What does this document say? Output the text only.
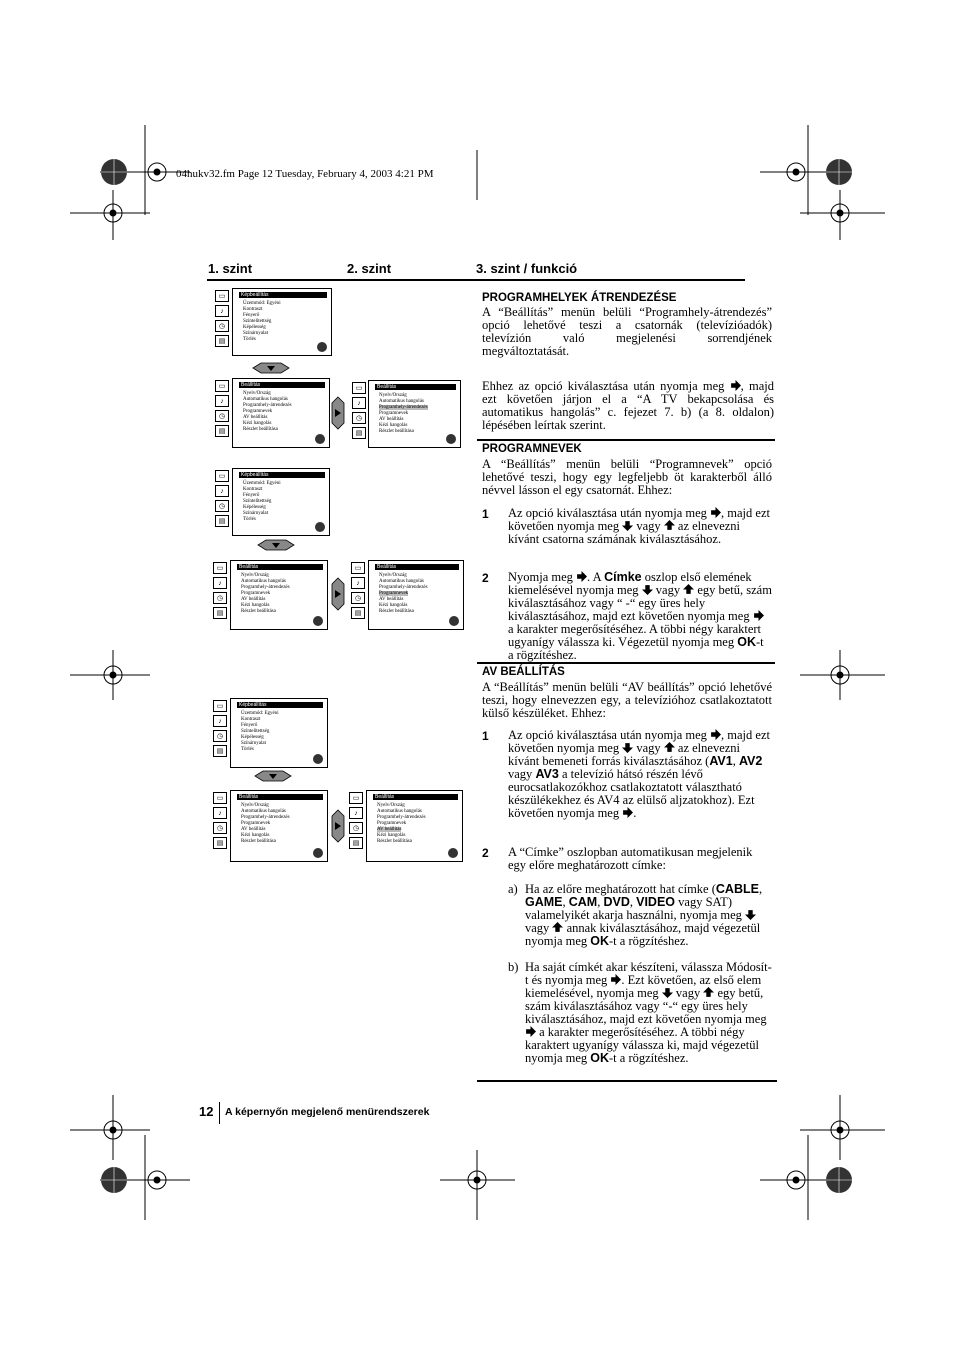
04hukv32.fm Page 12 Tuesday, February 4, 2003 4:21 PM
1. szint	2. szint	3. szint / funkció
▭
♪
◷
▤
Képbeállítás
Üzemmód: Egyéni
Kontraszt
Fényerő
Színtelítettség
Képélesség
Színárnyalat
Törlés
▭
♪
◷
▤
Beállítás
Nyelv/Ország
Automatikus hangolás
Programhely-átrendezés
Programnevek
AV beállítás
Kézi hangolás
Részlet beállítása
▭
♪
◷
▤
Beállítás
Nyelv/Ország
Automatikus hangolás
Programhely-átrendezés
Programnevek
AV beállítás
Kézi hangolás
Részlet beállítása
▭
♪
◷
▤
Képbeállítás
Üzemmód: Egyéni
Kontraszt
Fényerő
Színtelítettség
Képélesség
Színárnyalat
Törlés
▭
♪
◷
▤
Beállítás
Nyelv/Ország
Automatikus hangolás
Programhely-átrendezés
Programnevek
AV beállítás
Kézi hangolás
Részlet beállítása
▭
♪
◷
▤
Beállítás
Nyelv/Ország
Automatikus hangolás
Programhely-átrendezés
Programnevek
AV beállítás
Kézi hangolás
Részlet beállítása
▭
♪
◷
▤
Képbeállítás
Üzemmód: Egyéni
Kontraszt
Fényerő
Színtelítettség
Képélesség
Színárnyalat
Törlés
▭
♪
◷
▤
Beállítás
Nyelv/Ország
Automatikus hangolás
Programhely-átrendezés
Programnevek
AV beállítás
Kézi hangolás
Részlet beállítása
▭
♪
◷
▤
Beállítás
Nyelv/Ország
Automatikus hangolás
Programhely-átrendezés
Programnevek
AV beállítás
Kézi hangolás
Részlet beállítása
PROGRAMHELYEK ÁTRENDEZÉSE
A “Beállítás” menün belüli “Programhely-átrendezés” opció lehetővé teszi a csatornák (televízióadók) televízión való megjelenési sorrendjének megváltoztatását.
Ehhez az opció kiválasztása után nyomja meg , majd ezt követően járjon el a “A TV bekapcsolása és automatikus hangolás” c. fejezet 7. b) (a 8. oldalon) lépésében leírtak szerint.
PROGRAMNEVEK
A “Beállítás” menün belüli “Programnevek” opció lehetővé teszi, hogy egy legfeljebb öt karakterből álló névvel lásson el egy csatornát. Ehhez:
1 Az opció kiválasztása után nyomja meg , majd ezt követően nyomja meg vagy az elnevezni kívánt csatorna számának kiválasztásához.
2 Nyomja meg . A Címke oszlop első elemének kiemelésével nyomja meg vagy egy betű, szám kiválasztásához vagy “ -“ egy üres hely kiválasztásához, majd ezt követően nyomja meg  a karakter megerősítéséhez. A többi négy karaktert ugyanígy válassza ki. Végezetül nyomja meg OK-t a rögzítéshez.
AV BEÁLLÍTÁS
A “Beállítás” menün belüli “AV beállítás” opció lehetővé teszi, hogy elnevezzen egy, a televízióhoz csatlakoztatott külső készüléket. Ehhez:
1 Az opció kiválasztása után nyomja meg , majd ezt követően nyomja meg vagy az elnevezni kívánt bemeneti forrás kiválasztásához (AV1, AV2 vagy AV3 a televízió hátsó részén lévő eurocsatlakozókhoz csatlakoztatott választható készülékekhez és AV4 az elülső aljzatokhoz). Ezt követően nyomja meg .
2 A “Címke” oszlopban automatikusan megjelenik egy előre meghatározott címke:
a) Ha az előre meghatározott hat címke (CABLE, GAME, CAM, DVD, VIDEO vagy SAT) valamelyikét akarja használni, nyomja meg  vagy  annak kiválasztásához, majd végezetül nyomja meg OK-t a rögzítéshez.
b) Ha saját címkét akar készíteni, válassza Módosít-t és nyomja meg . Ezt követően, az első elem kiemelésével, nyomja meg  vagy  egy betű, szám kiválasztásához vagy “-“ egy üres hely kiválasztásához, majd ezt követően nyomja meg  a karakter megerősítéséhez. A többi négy karaktert ugyanígy válassza ki, majd végezetül nyomja meg OK-t a rögzítéshez.
12 A képernyőn megjelenő menürendszerek
